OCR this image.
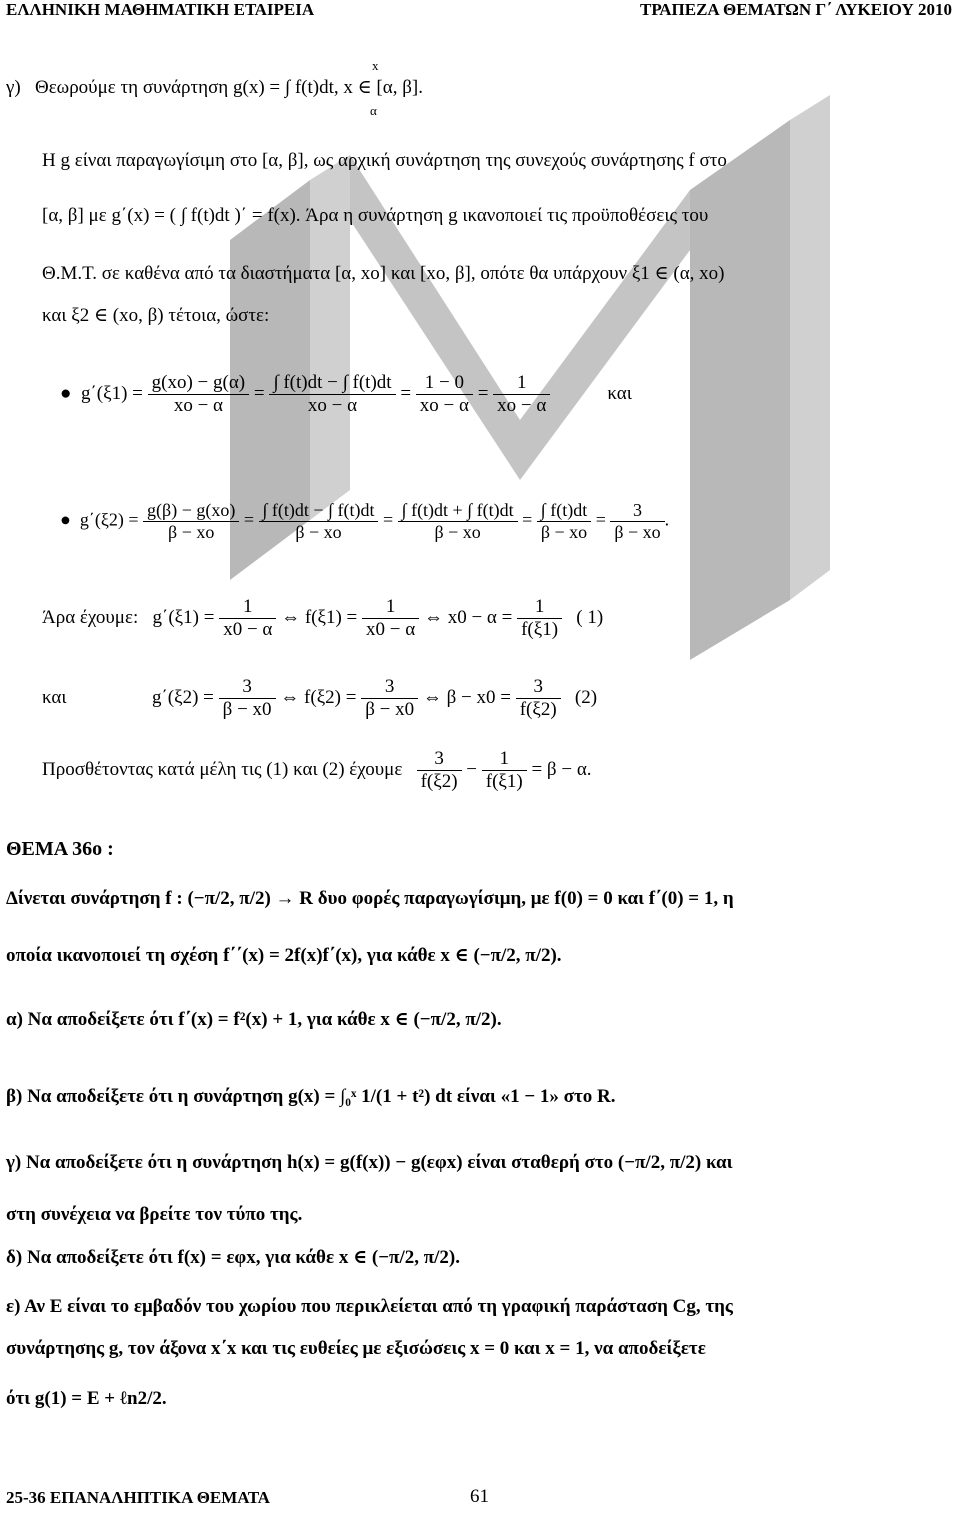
ΕΛΛΗΝΙΚΗ ΜΑΘΗΜΑΤΙΚΗ ΕΤΑΙΡΕΙΑ	ΤΡΑΠΕΖΑ ΘΕΜΑΤΩΝ Γ΄ ΛΥΚΕΙΟΥ 2010
γ) Θεωρούμε τη συνάρτηση g(x) = ∫ f(t)dt, x ∈ [α, β].
x
α
Η g είναι παραγωγίσιμη στο [α, β], ως αρχική συνάρτηση της συνεχούς συνάρτησης f στο
[α, β] με g΄(x) = ( ∫ f(t)dt )΄ = f(x). Άρα η συνάρτηση g ικανοποιεί τις προϋποθέσεις του
Θ.Μ.Τ. σε καθένα από τα διαστήματα [α, xo] και [xo, β], οπότε θα υπάρχουν ξ1 ∈ (α, xo)
και ξ2 ∈ (xo, β) τέτοια, ώστε:
● $g΄(\xi 1) = \frac{g(xo) - g(\alpha)}{xo - \alpha} = \frac{\int f(t)dt - \int f(t)dt}{xo - \alpha} = \frac{1 - 0}{xo - \alpha} = \frac{1}{xo - \alpha}$	και
● $g΄(\xi 2) = \frac{g(\beta) - g(xo)}{\beta - xo} = \frac{\int f(t)dt - \int f(t)dt}{\beta - xo} = \frac{\int f(t)dt + \int f(t)dt}{\beta - xo} = \frac{\int f(t)dt}{\beta - xo} = \frac{3}{\beta - xo}$ .
Άρα έχουμε: $g΄(\xi 1) = \frac{1}{x0 - \alpha}$ ⇔ $f(\xi 1) = \frac{1}{x0 - \alpha}$ ⇔ $x0 - \alpha = \frac{1}{f(\xi 1)}$ ( 1)
και	$g΄(\xi 2) = \frac{3}{\beta - x0}$ ⇔ $f(\xi 2) = \frac{3}{\beta - x0}$ ⇔ $\beta - x0 = \frac{3}{f(\xi 2)} (2)$
Προσθέτοντας κατά μέλη τις (1) και (2) έχουμε $\frac{3}{f(\xi 2)} - \frac{1}{f(\xi 1)} = \beta - \alpha$.
ΘΕΜΑ 36ο :
Δίνεται συνάρτηση f : (−π/2, π/2) → R δυο φορές παραγωγίσιμη, με f(0) = 0 και f΄(0) = 1, η
οποία ικανοποιεί τη σχέση f΄΄(x) = 2f(x)f΄(x), για κάθε x ∈ (−π/2, π/2).
α) Να αποδείξετε ότι f΄(x) = f²(x) + 1, για κάθε x ∈ (−π/2, π/2).
β) Να αποδείξετε ότι η συνάρτηση g(x) = ∫₀ˣ 1/(1 + t²) dt είναι «1 − 1» στο R.
γ) Να αποδείξετε ότι η συνάρτηση h(x) = g(f(x)) − g(εφx) είναι σταθερή στο (−π/2, π/2) και
στη συνέχεια να βρείτε τον τύπο της.
δ) Να αποδείξετε ότι f(x) = εφx, για κάθε x ∈ (−π/2, π/2).
ε) Αν Ε είναι το εμβαδόν του χωρίου που περικλείεται από τη γραφική παράσταση Cg, της
συνάρτησης g, τον άξονα x΄x και τις ευθείες με εξισώσεις x = 0 και x = 1, να αποδείξετε
ότι g(1) = Ε + ℓn2/2.
25-36 ΕΠΑΝΑΛΗΠΤΙΚΑ ΘΕΜΑΤΑ	61
